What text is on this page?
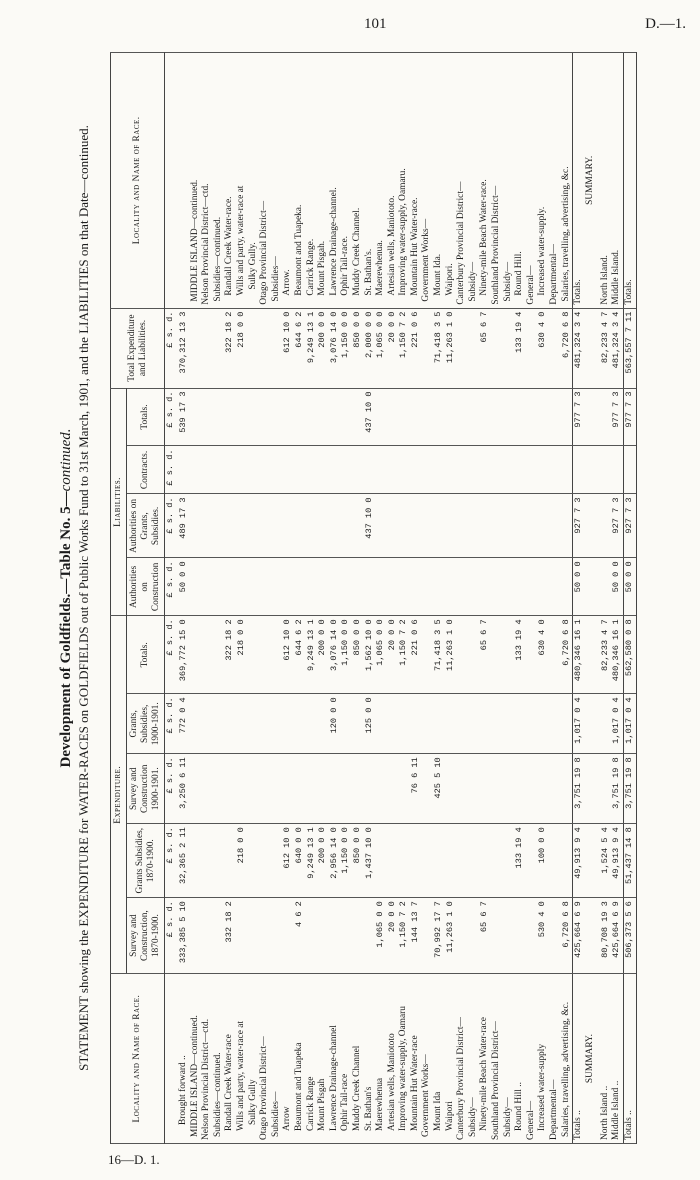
101	D.—1.
16—D. 1.
Development of Goldfields.—Table No. 5—continued. STATEMENT showing the EXPENDITURE for WATER-RACES on GOLDFIELDS out of Public Works Fund to 31st March, 1901, and the LIABILITIES on that Date—continued.	Locality and Name of Race.	Expenditure.					Liabilities.				Total Expenditure and Liabilities.	Locality and Name of Race.
	Survey and Construction, 1870-1900.	Grants Subsidies, 1870-1900.	Survey and Construction 1900-1901.	Grants, Subsidies, 1900-1901.	Totals.	Authorities on Construction	Authorities on Grants, Subsidies.	Contracts.	Totals.		
	£ s. d.	£ s. d.	£ s. d.	£ s. d.	£ s. d.	£ s. d.	£ s. d.	£ s. d.	£ s. d.	£ s. d.	
Brought forward ..	333,385 5 10	32,365 2 11	3,250 6 11	772 0 4	369,772 15 0	50 0 0	489 17 3		539 17 3	370,312 13 3	
MIDDLE ISLAND—continued.											MIDDLE ISLAND—continued.
Nelson Provincial District—ctd.											Nelson Provincial District—ctd.
Subsidies—continued.											Subsidies—continued.
Randall Creek Water-race	332 18 2				322 18 2					322 18 2	Randall Creek Water-race.
Wills and party, water-race at		218 0 0			218 0 0					218 0 0	Wills and party, water-race at
Sulky Gully											Sulky Gully.
Otago Provincial District—											Otago Provincial District—
Subsidies—											Subsidies—
Arrow		612 10 0			612 10 0					612 10 0	Arrow.
Beaumont and Tuapeka	4 6 2	640 0 0			644 6 2					644 6 2	Beaumont and Tuapeka.
Carrick Range		9,249 13 1			9,249 13 1					9,249 13 1	Carrick Range.
Mount Pisgah		200 0 0			200 0 0					200 0 0	Mount Pisgah.
Lawrence Drainage-channel		2,956 14 0		120 0 0	3,076 14 0					3,076 14 0	Lawrence Drainage-channel.
Ophir Tail-race		1,150 0 0			1,150 0 0					1,150 0 0	Ophir Tail-race.
Muddy Creek Channel		850 0 0			850 0 0					850 0 0	Muddy Creek Channel.
St. Bathan's		1,437 10 0		125 0 0	1,562 10 0		437 10 0		437 10 0	2,000 0 0	St. Bathan's.
Maerewhenua	1,065 0 0				1,065 0 0					1,065 0 0	Maerewhenua.
Artesian wells, Maniototo	20 0 0				20 0 0					20 0 0	Artesian wells, Maniototo.
Improving water-supply, Oamaru	1,150 7 2				1,150 7 2					1,150 7 2	Improving water-supply, Oamaru.
Mountain Hut Water-race	144 13 7		76 6 11		221 0 6					221 0 6	Mountain Hut Water-race.
Government Works—											Government Works—
Mount Ida	70,992 17 7		425 5 10		71,418 3 5					71,418 3 5	Mount Ida.
Waipori	11,263 1 0				11,263 1 0					11,263 1 0	Waipori.
Canterbury Provincial District—											Canterbury Provincial District—
Subsidy—											Subsidy—
Ninety-mile Beach Water-race	65 6 7				65 6 7					65 6 7	Ninety-mile Beach Water-race.
Southland Provincial District—											Southland Provincial District—
Subsidy—											Subsidy—
Round Hill ..		133 19 4			133 19 4					133 19 4	Round Hill.
General—											General—
Increased water-supply	530 4 0	100 0 0			630 4 0					630 4 0	Increased water-supply.
Departmental—											Departmental—
Salaries, travelling, advertising, &c.	6,720 6 8				6,720 6 8					6,720 6 8	Salaries, travelling, advertising, &c.
Totals ..	425,664 6 9	49,913 9 4	3,751 19 8	1,017 0 4	480,346 16 1	50 0 0	927 7 3		977 7 3	481,324 3 4	Totals.
SUMMARY.											SUMMARY.
North Island ..	80,708 19 3	1,524 5 4			82,233 4 7					82,233 4 7	North Island.
Middle Island ..	425,664 6 9	49,913 9 4	3,751 19 8	1,017 0 4	480,346 16 1	50 0 0	927 7 3		977 7 3	481,324 3 4	Middle Island.
Totals ..	506,373 5 6	51,437 14 8	3,751 19 8	1,017 0 4	562,580 0 8	50 0 0	927 7 3		977 7 3	563,557 7 11	Totals.
